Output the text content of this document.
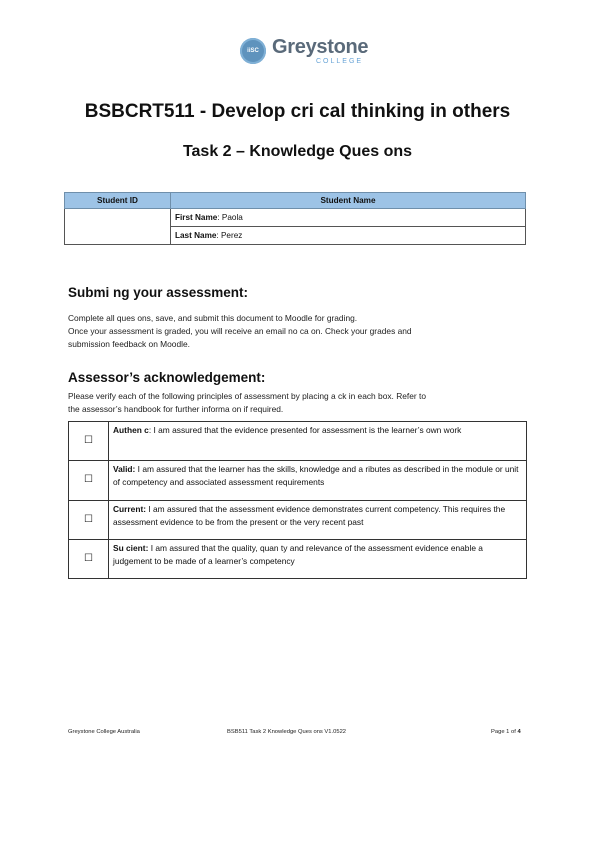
iiSC Greystone
COLLEGE
BSBCRT511 - Develop cri cal thinking in others
Task 2 – Knowledge Ques ons
Student ID	Student Name
	First Name: Paola
	Last Name: Perez
Submi ng your assessment:
Complete all ques ons, save, and submit this document to Moodle for grading.
Once your assessment is graded, you will receive an email no ca on. Check your grades and
submission feedback on Moodle.
Assessor’s acknowledgement:
Please verify each of the following principles of assessment by placing a ck in each box. Refer to
the assessor’s handbook for further informa on if required.
☐	Authen c: I am assured that the evidence presented for assessment is the learner’s own work
☐	Valid: I am assured that the learner has the skills, knowledge and a ributes as described in the module or unit of competency and associated assessment requirements
☐	Current: I am assured that the assessment evidence demonstrates current competency. This requires the assessment evidence to be from the present or the very recent past
☐	Su cient: I am assured that the quality, quan ty and relevance of the assessment evidence enable a judgement to be made of a learner’s competency
Greystone College Australia	BSB511 Task 2 Knowledge Ques ons V1.0522	Page 1 of 4
